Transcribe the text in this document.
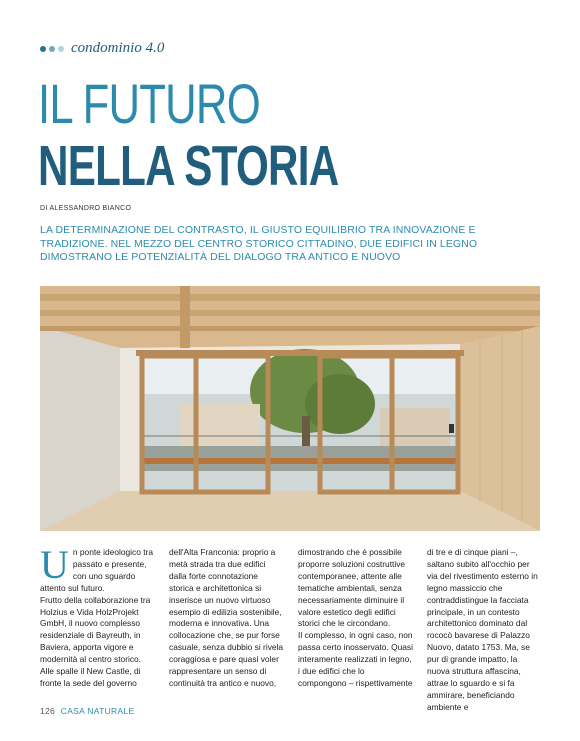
condominio 4.0
IL FUTURO
NELLA STORIA
DI ALESSANDRO BIANCO
LA DETERMINAZIONE DEL CONTRASTO, IL GIUSTO EQUILIBRIO TRA INNOVAZIONE E TRADIZIONE. NEL MEZZO DEL CENTRO STORICO CITTADINO, DUE EDIFICI IN LEGNO DIMOSTRANO LE POTENZIALITÀ DEL DIALOGO TRA ANTICO E NUOVO
Un ponte ideologico tra passato e presente, con uno sguardo attento sul futuro.
Frutto della collaborazione tra Holzius e Vida HolzProjekt GmbH, il nuovo complesso residenziale di Bayreuth, in Baviera, apporta vigore e modernità al centro storico. Alle spalle il New Castle, di fronte la sede del governo
dell'Alta Franconia: proprio a metà strada tra due edifici dalla forte connotazione storica e architettonica si inserisce un nuovo virtuoso esempio di edilizia sostenibile, moderna e innovativa. Una collocazione che, se pur forse casuale, senza dubbio si rivela coraggiosa e pare quasi voler rappresentare un senso di continuità tra antico e nuovo,
dimostrando che è possibile proporre soluzioni costruttive contemporanee, attente alle tematiche ambientali, senza necessariamente diminuire il valore estetico degli edifici storici che le circondano.
Il complesso, in ogni caso, non passa certo inosservato. Quasi interamente realizzati in legno, i due edifici che lo compongono – rispettivamente
di tre e di cinque piani –, saltano subito all'occhio per via del rivestimento esterno in legno massiccio che contraddistingue la facciata principale, in un contesto architettonico dominato dal rococò bavarese di Palazzo Nuovo, datato 1753. Ma, se pur di grande impatto, la nuova struttura affascina, attrae lo sguardo e si fa ammirare, beneficiando ambiente e
126 CASA NATURALE
